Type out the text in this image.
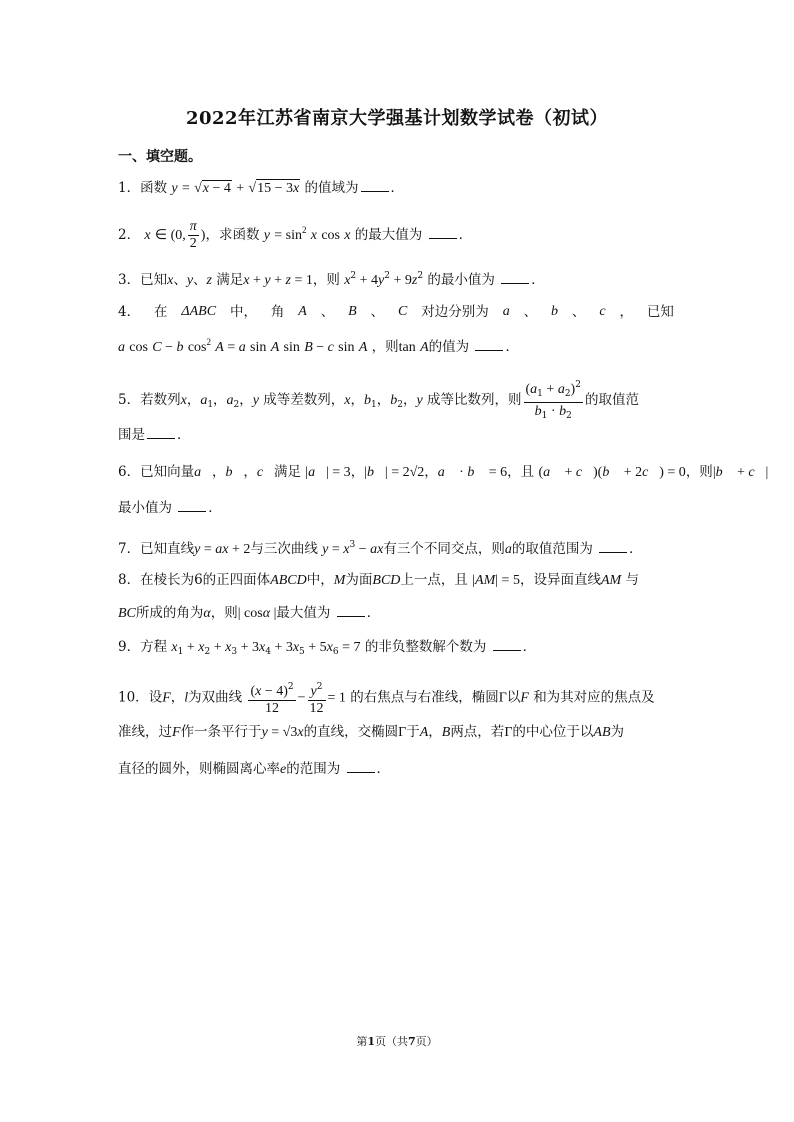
2022年江苏省南京大学强基计划数学试卷（初试）
一、填空题。
1．函数 y = √x − 4 + √15 − 3x 的值域为 ．
2． x ∈ (0, $\frac{\pi}{2}$ )，求函数 $y = \sin^2 x$ cos x 的最大值为	．
3．已知x、y、z 满足x + y + z = 1，则 $x^2 + 4y^2 + 9z^2$ 的最小值为	．
4． 在 ΔABC 中， 角 A 、 B 、 C 对边分别为 a 、 b 、 c ， 已知
a cos C − b $\cos^2 A = a$ sin A sin B − c sin A ，则tan A的值为	．
5．若数列x，$a_1$，$a_2$，y 成等差数列，x，$b_1$，$b_2$，y 成等比数列，则 $\frac{(a_1 + a_2)^2}{b_1 \cdot b_2}$ 的取值范
围是 ．
6．已知向量a⃗，b⃗，c⃗满足 |a⃗| = 3，|b⃗| = 2√2，a⃗ · b⃗ = 6，且 (a⃗ + c⃗)(b⃗ + 2c⃗) = 0，则|b⃗ + c⃗|
最小值为	．
7．已知直线y = ax + 2与三次曲线 $y = x^3$ − ax有三个不同交点，则a的取值范围为	．
8．在棱长为6的正四面体ABCD中，M为面BCD上一点，且 |AM| = 5，设异面直线AM 与
BC所成的角为α，则| cosα |最大值为	．
9．方程 $x_1 + x_2 + x_3 + 3x_4 + 3x_5 + 5x_6 = 7$ 的非负整数解个数为	．
10．设F，l为双曲线 $\frac{(x - 4)^2}{12} - \frac{y^2}{12} = 1$ 的右焦点与右准线，椭圆Γ以F 和为其对应的焦点及
准线，过F作一条平行于y = √3x的直线，交椭圆Γ于A，B两点，若Γ的中心位于以AB为
直径的圆外，则椭圆离心率e的范围为	．
第1页（共7页）
